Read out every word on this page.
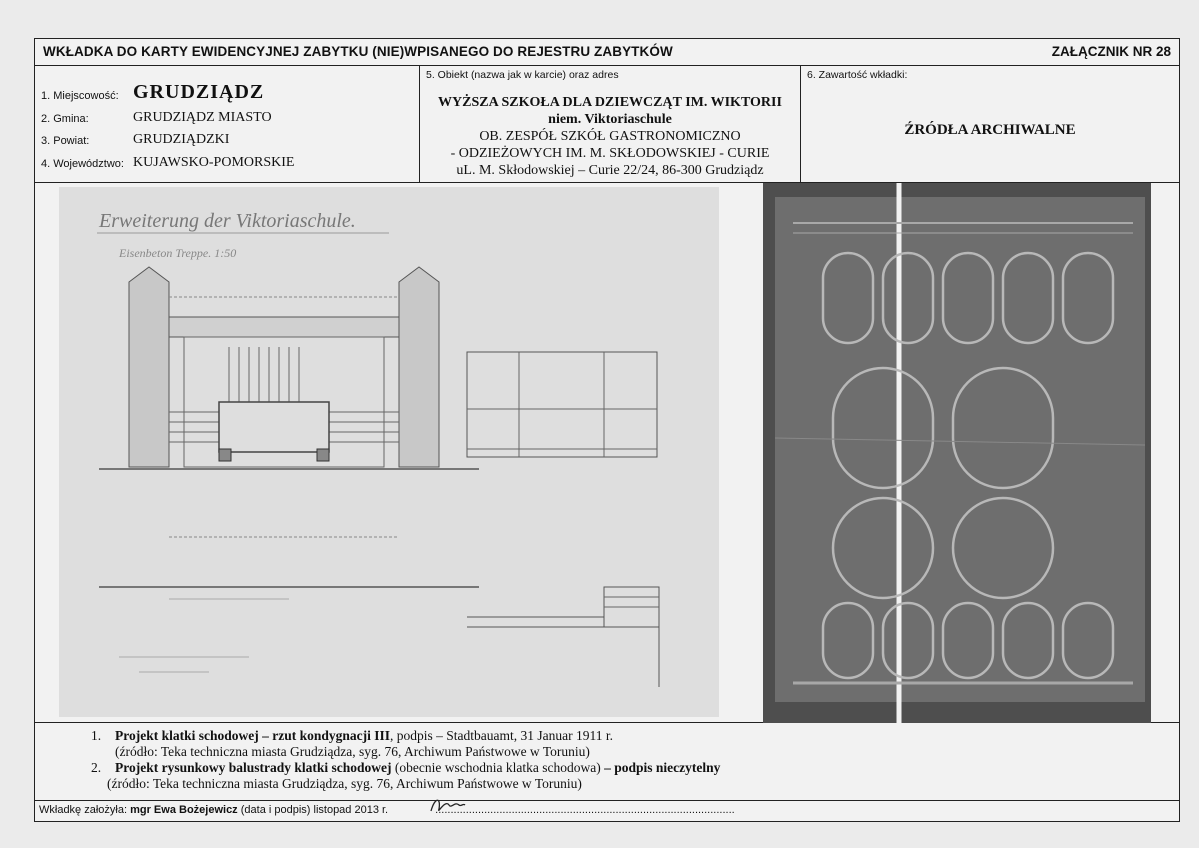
WKŁADKA DO KARTY EWIDENCYJNEJ ZABYTKU (NIE)WPISANEGO DO REJESTRU ZABYTKÓW	ZAŁĄCZNIK NR 28
1. Miejscowość: GRUDZIĄDZ
2. Gmina:	GRUDZIĄDZ MIASTO
3. Powiat:	GRUDZIĄDZKI
4. Województwo: KUJAWSKO-POMORSKIE
5. Obiekt (nazwa jak w karcie) oraz adres
WYŻSZA SZKOŁA DLA DZIEWCZĄT IM. WIKTORII
niem. Viktoriaschule
OB. ZESPÓŁ SZKÓŁ GASTRONOMICZNO
- ODZIEŻOWYCH IM. M. SKŁODOWSKIEJ - CURIE
uL. M. Skłodowskiej – Curie 22/24, 86-300 Grudziądz
6. Zawartość wkładki:
ŹRÓDŁA ARCHIWALNE
Erweiterung der Viktoriaschule.
Eisenbeton Treppe. 1:50
1. Projekt klatki schodowej – rzut kondygnacji III, podpis – Stadtbauamt, 31 Januar 1911 r.
(źródło: Teka techniczna miasta Grudziądza, syg. 76, Archiwum Państwowe w Toruniu)
2. Projekt rysunkowy balustrady klatki schodowej (obecnie wschodnia klatka schodowa) – podpis nieczytelny
(źródło: Teka techniczna miasta Grudziądza, syg. 76, Archiwum Państwowe w Toruniu)
Wkładkę założyła: mgr Ewa Bożejewicz (data i podpis) listopad 2013 r.	..................................................................................................
